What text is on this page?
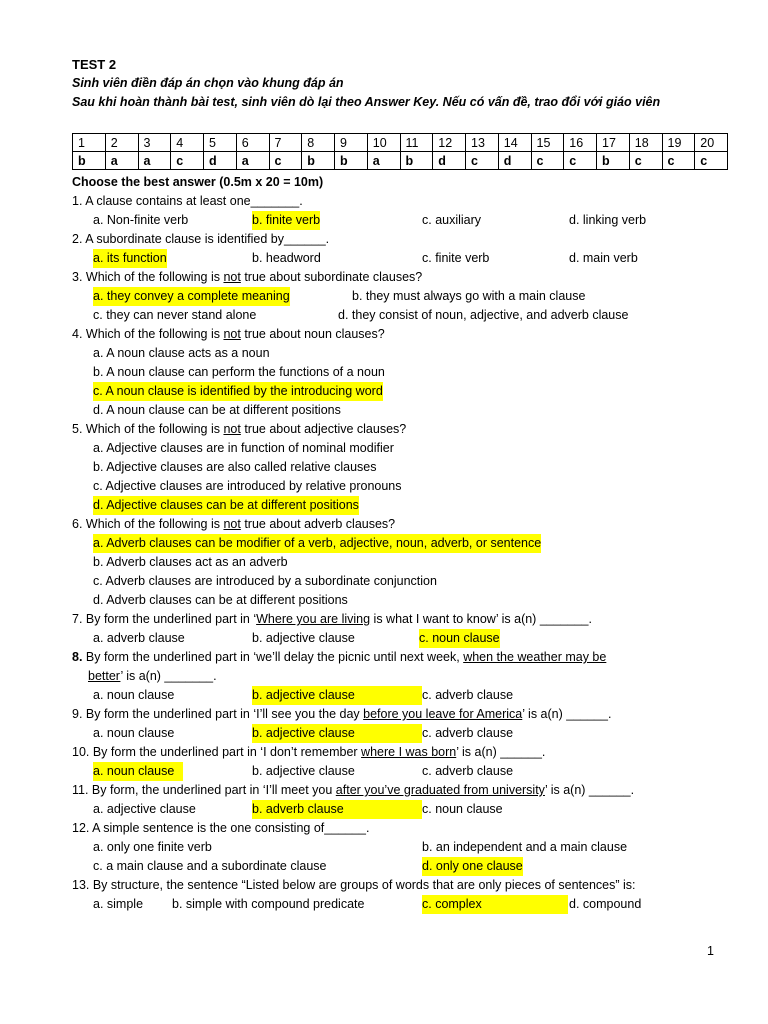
TEST 2
Sinh viên điền đáp án chọn vào khung đáp án
Sau khi hoàn thành bài test, sinh viên dò lại theo Answer Key. Nếu có vấn đề, trao đổi với giáo viên
1	2	3	4	5	6	7	8	9	10	11	12	13	14	15	16	17	18	19	20
b	a	a	c	d	a	c	b	b	a	b	d	c	d	c	c	b	c	c	c
Choose the best answer (0.5m x 20 = 10m)
1. A clause contains at least one_______.
a. Non-finite verb	b. finite verb	c. auxiliary	d. linking verb
2. A subordinate clause is identified by______.
a. its function	b. headword	c. finite verb	d. main verb
3. Which of the following is not true about subordinate clauses?
a. they convey a complete meaning	b. they must always go with a main clause
c. they can never stand alone	d. they consist of noun, adjective, and adverb clause
4. Which of the following is not true about noun clauses?
a. A noun clause acts as a noun
b. A noun clause can perform the functions of a noun
c. A noun clause is identified by the introducing word
d. A noun clause can be at different positions
5. Which of the following is not true about adjective clauses?
a. Adjective clauses are in function of nominal modifier
b. Adjective clauses are also called relative clauses
c. Adjective clauses are introduced by relative pronouns
d. Adjective clauses can be at different positions
6. Which of the following is not true about adverb clauses?
a. Adverb clauses can be modifier of a verb, adjective, noun, adverb, or sentence
b. Adverb clauses act as an adverb
c. Adverb clauses are introduced by a subordinate conjunction
d. Adverb clauses can be at different positions
7. By form the underlined part in ‘Where you are living is what I want to know’ is a(n) _______.
a. adverb clause	b. adjective clause	c. noun clause
8. By form the underlined part in ‘we’ll delay the picnic until next week, when the weather may be
better’ is a(n) _______.
a. noun clause	b. adjective clause	c. adverb clause
9. By form the underlined part in ‘I’ll see you the day before you leave for America’ is a(n) ______.
a. noun clause	b. adjective clause	c. adverb clause
10. By form the underlined part in ‘I don’t remember where I was born’ is a(n) ______.
a. noun clause	b. adjective clause	c. adverb clause
11. By form, the underlined part in ‘I’ll meet you after you’ve graduated from university’ is a(n) ______.
a. adjective clause	b. adverb clause	c. noun clause
12. A simple sentence is the one consisting of______.
a. only one finite verb	b. an independent and a main clause
c. a main clause and a subordinate clause	d. only one clause
13. By structure, the sentence “Listed below are groups of words that are only pieces of sentences” is:
a. simple b. simple with compound predicate	c. complex	d. compound
1
